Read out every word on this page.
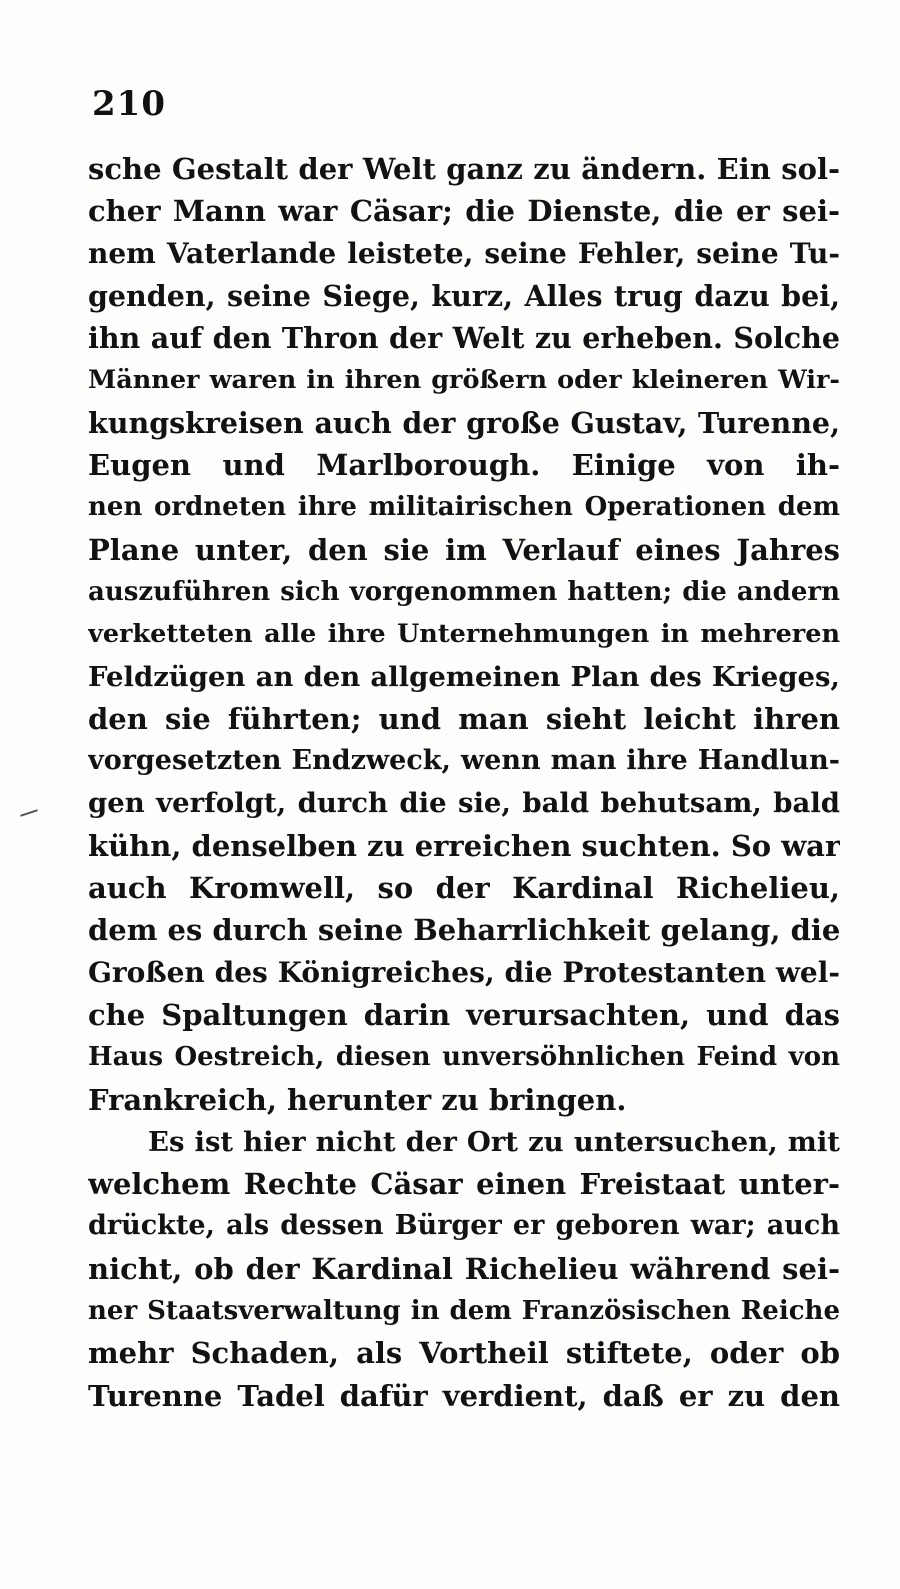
210
sche Gestalt der Welt ganz zu ändern. Ein sol-
cher Mann war Cäsar; die Dienste, die er sei-
nem Vaterlande leistete, seine Fehler, seine Tu-
genden, seine Siege, kurz, Alles trug dazu bei,
ihn auf den Thron der Welt zu erheben. Solche
Männer waren in ihren größern oder kleineren Wir-
kungskreisen auch der große Gustav, Turenne,
Eugen und Marlborough. Einige von ih-
nen ordneten ihre militairischen Operationen dem
Plane unter, den sie im Verlauf eines Jahres
auszuführen sich vorgenommen hatten; die andern
verketteten alle ihre Unternehmungen in mehreren
Feldzügen an den allgemeinen Plan des Krieges,
den sie führten; und man sieht leicht ihren
vorgesetzten Endzweck, wenn man ihre Handlun-
gen verfolgt, durch die sie, bald behutsam, bald
kühn, denselben zu erreichen suchten. So war
auch Kromwell, so der Kardinal Richelieu,
dem es durch seine Beharrlichkeit gelang, die
Großen des Königreiches, die Protestanten wel-
che Spaltungen darin verursachten, und das
Haus Oestreich, diesen unversöhnlichen Feind von
Frankreich, herunter zu bringen.
Es ist hier nicht der Ort zu untersuchen, mit
welchem Rechte Cäsar einen Freistaat unter-
drückte, als dessen Bürger er geboren war; auch
nicht, ob der Kardinal Richelieu während sei-
ner Staatsverwaltung in dem Französischen Reiche
mehr Schaden, als Vortheil stiftete, oder ob
Turenne Tadel dafür verdient, daß er zu den
